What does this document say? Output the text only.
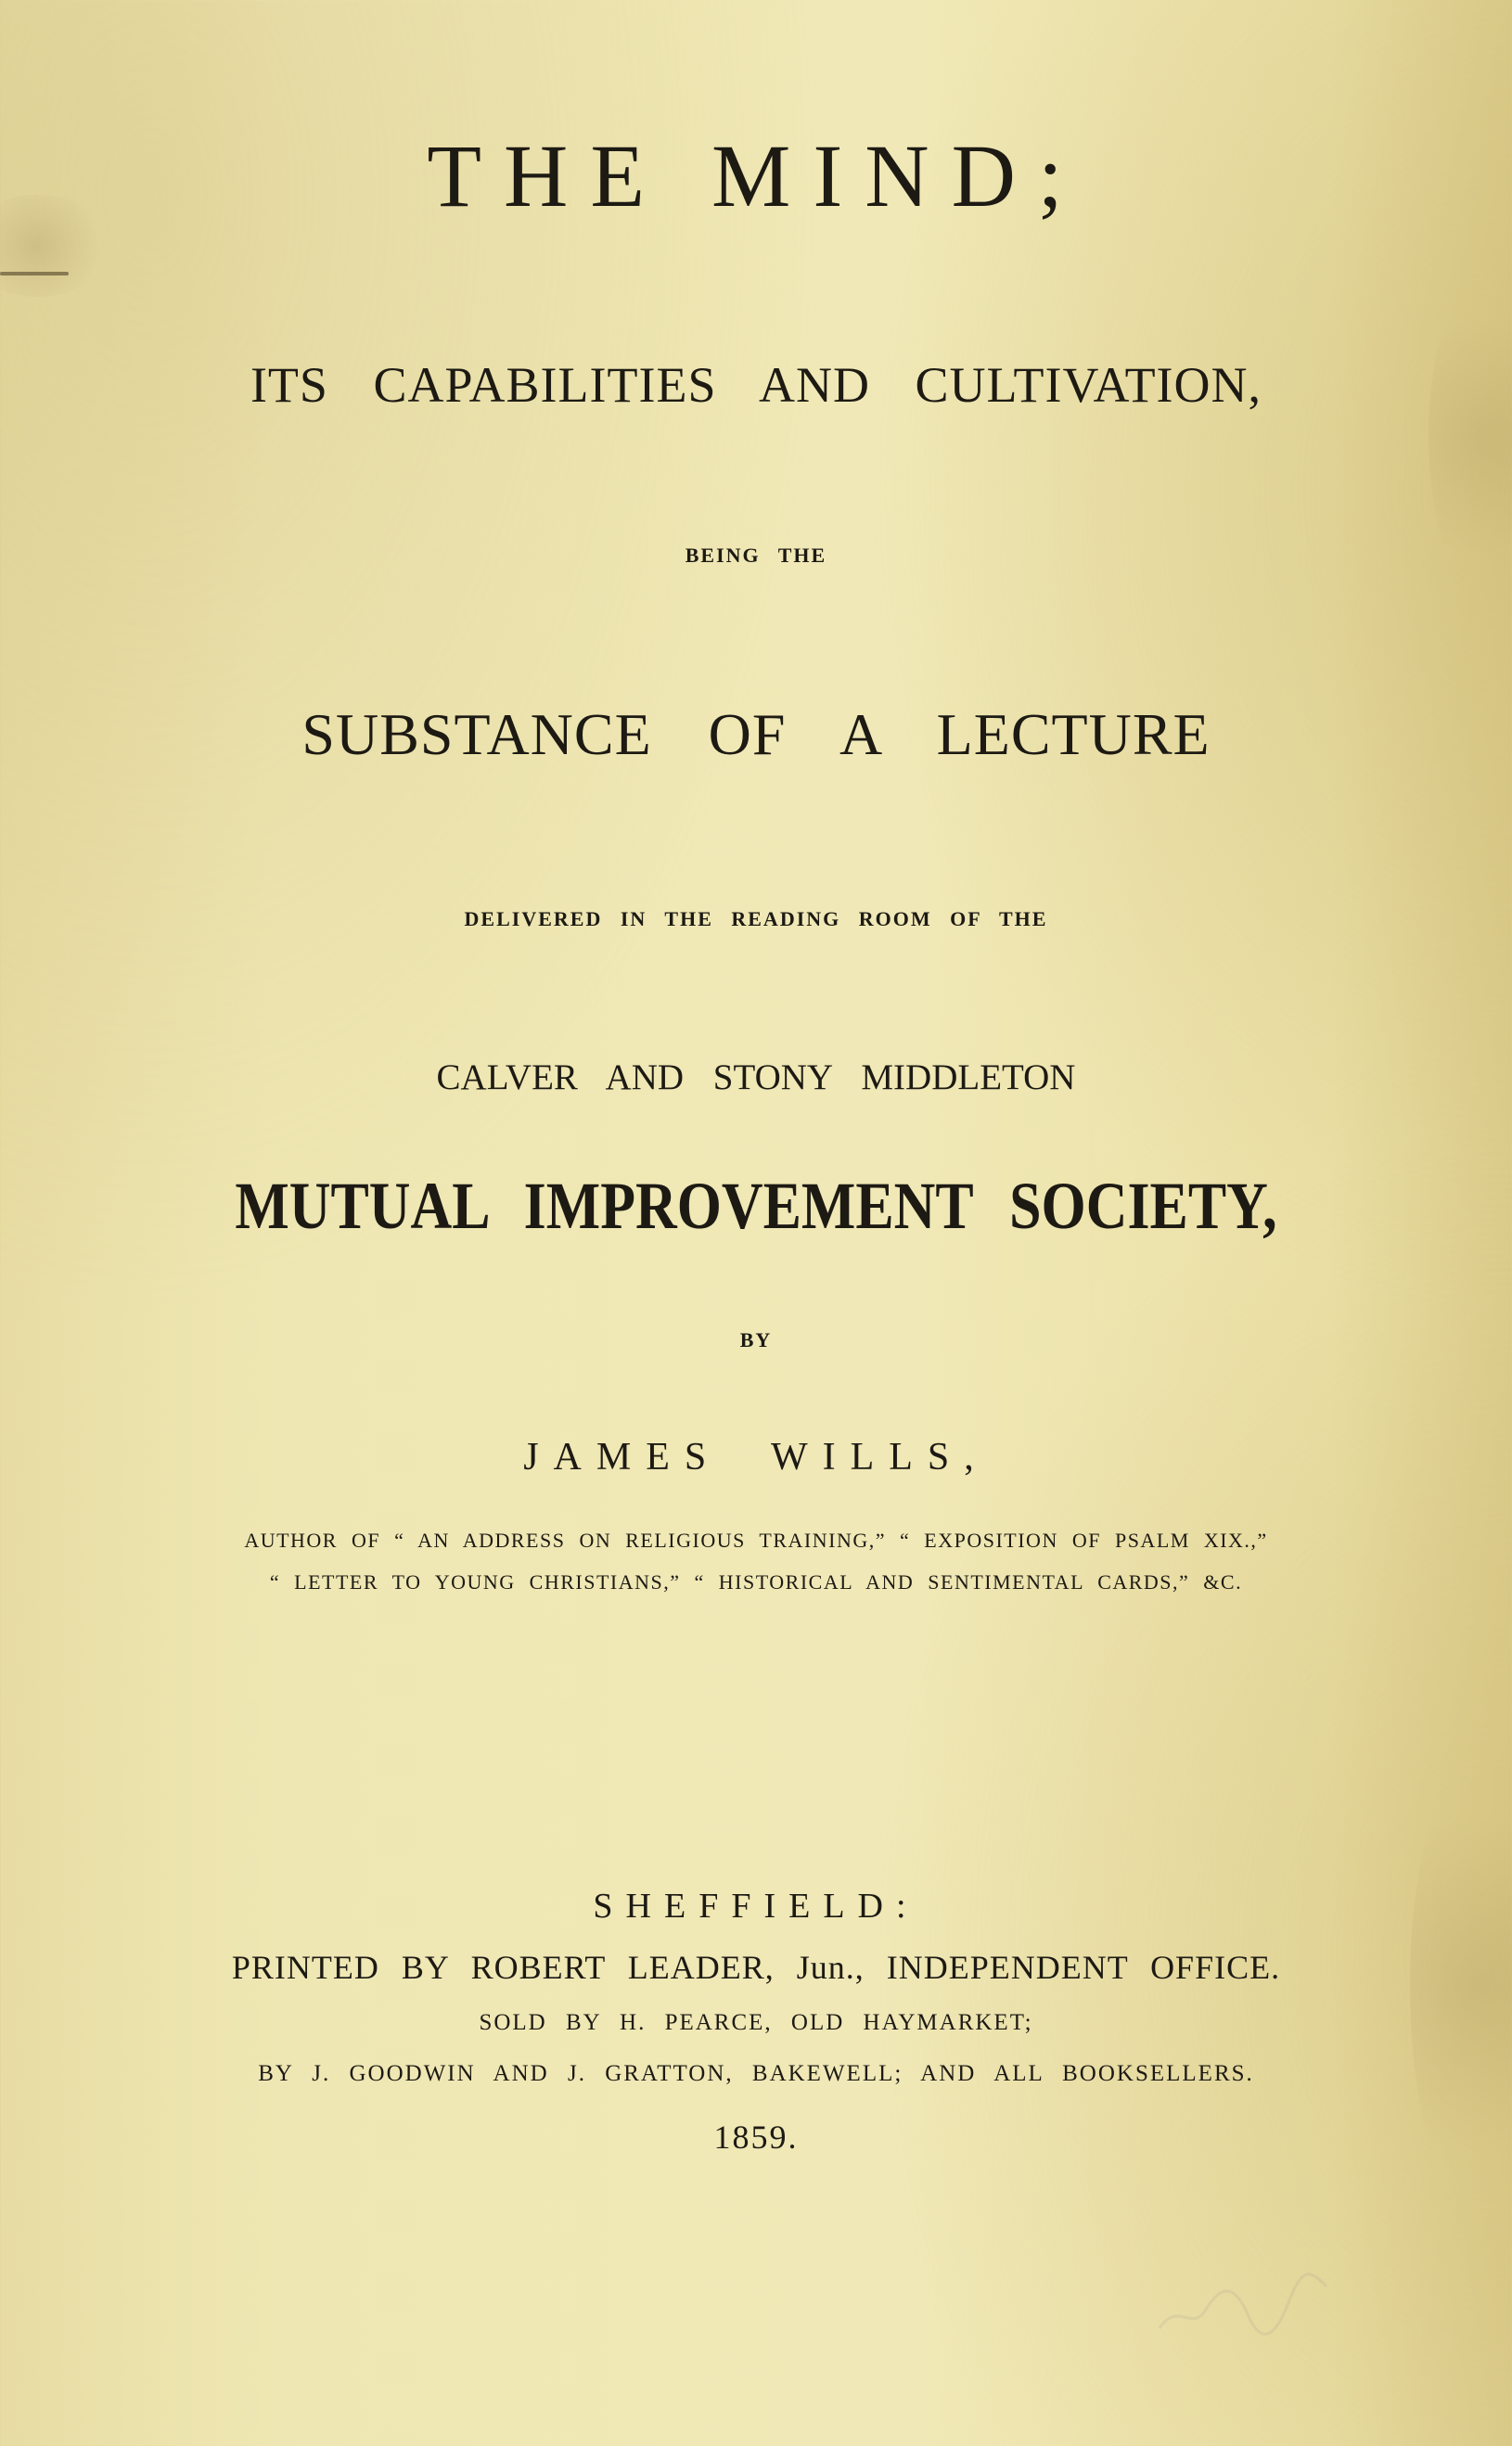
THE MIND;
ITS CAPABILITIES AND CULTIVATION,
BEING THE
SUBSTANCE OF A LECTURE
DELIVERED IN THE READING ROOM OF THE
CALVER AND STONY MIDDLETON
MUTUAL IMPROVEMENT SOCIETY,
BY
JAMES WILLS,
AUTHOR OF “ AN ADDRESS ON RELIGIOUS TRAINING,” “ EXPOSITION OF PSALM XIX.,”
“ LETTER TO YOUNG CHRISTIANS,” “ HISTORICAL AND SENTIMENTAL CARDS,” &C.
SHEFFIELD:
PRINTED BY ROBERT LEADER, Jun., INDEPENDENT OFFICE.
SOLD BY H. PEARCE, OLD HAYMARKET;
BY J. GOODWIN AND J. GRATTON, BAKEWELL; AND ALL BOOKSELLERS.
1859.
